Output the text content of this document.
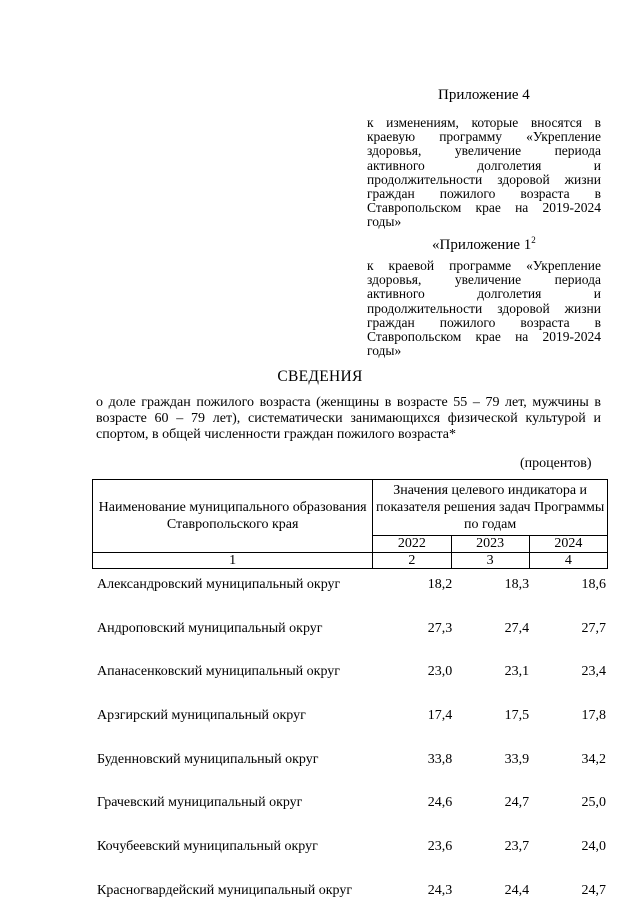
Приложение 4
к изменениям, которые вносятся в краевую программу «Укрепление здоровья, увеличение периода активного долголетия и продолжительности здоровой жизни граждан пожилого возраста в Ставропольском крае на 2019-2024 годы»
«Приложение $1^2$
к краевой программе «Укрепление здоровья, увеличение периода активного долголетия и продолжительности здоровой жизни граждан пожилого возраста в Ставропольском крае на 2019-2024 годы»
СВЕДЕНИЯ
о доле граждан пожилого возраста (женщины в возрасте 55 – 79 лет, мужчины в возрасте 60 – 79 лет), систематически занимающихся физической культурой и спортом, в общей численности граждан пожилого возраста*
(процентов)
Наименование муниципального образования Ставропольского края	Значения целевого индикатора и показателя решения задач Программы по годам		
	2022	2023	2024
1	2	3	4
Александровский муниципальный округ	18,2	18,3	18,6
Андроповский муниципальный округ	27,3	27,4	27,7
Апанасенковский муниципальный округ	23,0	23,1	23,4
Арзгирский муниципальный округ	17,4	17,5	17,8
Буденновский муниципальный округ	33,8	33,9	34,2
Грачевский муниципальный округ	24,6	24,7	25,0
Кочубеевский муниципальный округ	23,6	23,7	24,0
Красногвардейский муниципальный округ	24,3	24,4	24,7
